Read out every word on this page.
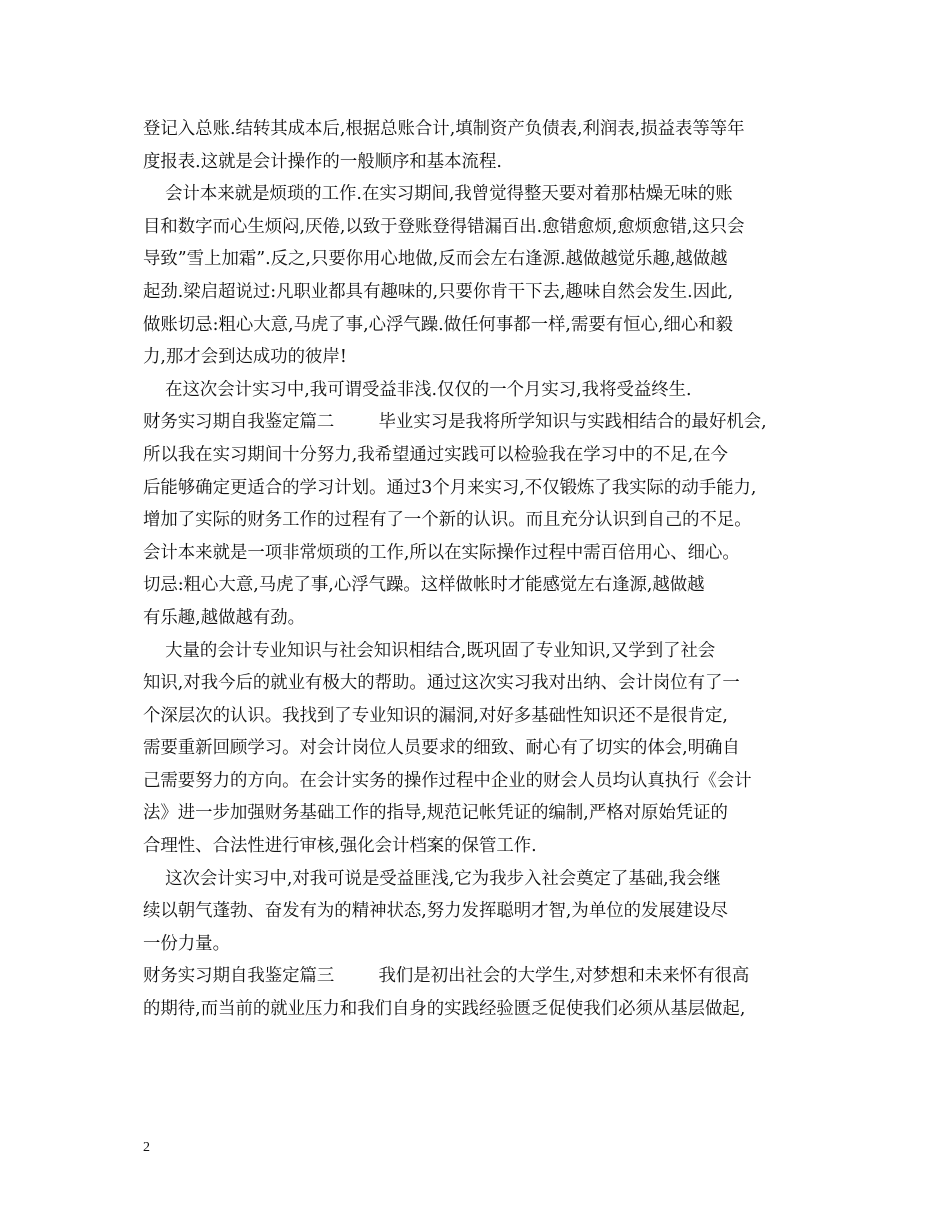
登记入总账.结转其成本后,根据总账合计,填制资产负债表,利润表,损益表等等年
度报表.这就是会计操作的一般顺序和基本流程.
会计本来就是烦琐的工作.在实习期间,我曾觉得整天要对着那枯燥无味的账
目和数字而心生烦闷,厌倦,以致于登账登得错漏百出.愈错愈烦,愈烦愈错,这只会
导致”雪上加霜”.反之,只要你用心地做,反而会左右逢源.越做越觉乐趣,越做越
起劲.梁启超说过:凡职业都具有趣味的,只要你肯干下去,趣味自然会发生.因此,
做账切忌:粗心大意,马虎了事,心浮气躁.做任何事都一样,需要有恒心,细心和毅
力,那才会到达成功的彼岸!
在这次会计实习中,我可谓受益非浅.仅仅的一个月实习,我将受益终生.
财务实习期自我鉴定篇二        毕业实习是我将所学知识与实践相结合的最好机会,
所以我在实习期间十分努力,我希望通过实践可以检验我在学习中的不足,在今
后能够确定更适合的学习计划。通过3个月来实习,不仅锻炼了我实际的动手能力,
增加了实际的财务工作的过程有了一个新的认识。而且充分认识到自己的不足。
会计本来就是一项非常烦琐的工作,所以在实际操作过程中需百倍用心、细心。
切忌:粗心大意,马虎了事,心浮气躁。这样做帐时才能感觉左右逢源,越做越
有乐趣,越做越有劲。
大量的会计专业知识与社会知识相结合,既巩固了专业知识,又学到了社会
知识,对我今后的就业有极大的帮助。通过这次实习我对出纳、会计岗位有了一
个深层次的认识。我找到了专业知识的漏洞,对好多基础性知识还不是很肯定,
需要重新回顾学习。对会计岗位人员要求的细致、耐心有了切实的体会,明确自
己需要努力的方向。在会计实务的操作过程中企业的财会人员均认真执行《会计
法》进一步加强财务基础工作的指导,规范记帐凭证的编制,严格对原始凭证的
合理性、合法性进行审核,强化会计档案的保管工作.
这次会计实习中,对我可说是受益匪浅,它为我步入社会奠定了基础,我会继
续以朝气蓬勃、奋发有为的精神状态,努力发挥聪明才智,为单位的发展建设尽
一份力量。
财务实习期自我鉴定篇三        我们是初出社会的大学生,对梦想和未来怀有很高
的期待,而当前的就业压力和我们自身的实践经验匮乏促使我们必须从基层做起,
2
